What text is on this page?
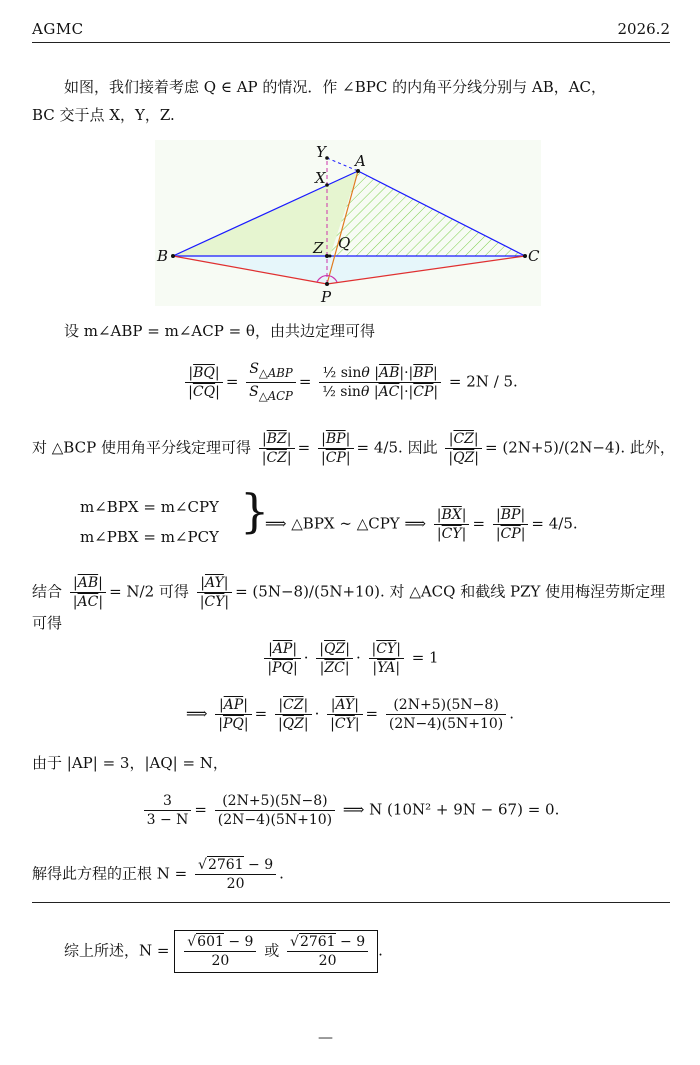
AGMC	2026.2
如图，我们接着考虑 Q ∈ AP 的情况．作 ∠BPC 的内角平分线分别与 AB，AC，
BC 交于点 X，Y，Z.
Y A
X
B	C
Z Q
P
设 m∠ABP = m∠ACP = θ，由共边定理可得
$\frac{|\overline{BQ}|}{|\overline{CQ}|} = \frac{S_{\triangle ABP}}{S_{\triangle ACP}} = \frac{\frac{1}{2} \sin\theta |\overline{AB}|\cdot|\overline{BP}|}{\frac{1}{2} \sin\theta |\overline{AC}|\cdot|\overline{CP}|} = 2N / 5$.
对 △BCP 使用角平分线定理可得 $\frac{|\overline{BZ}|}{|\overline{CZ}|} = \frac{|\overline{BP}|}{|\overline{CP}|} = 4/5$. 因此 $\frac{|\overline{CZ}|}{|\overline{QZ}|} = (2N+5)/(2N-4)$. 此外，
m∠BPX = m∠CPY
m∠PBX = m∠PCY }
⟹ △BPX ∼ △CPY ⟹ $\frac{|\overline{BX}|}{|\overline{CY}|} = \frac{|\overline{BP}|}{|\overline{CP}|} = 4/5$.
结合 $\frac{|\overline{AB}|}{|\overline{AC}|} = N/2$ 可得 $\frac{|\overline{AY}|}{|\overline{CY}|} = (5N-8)/(5N+10)$. 对 △ACQ 和截线 PZY 使用梅涅劳斯定理
可得
$\frac{|\overline{AP}|}{|\overline{PQ}|} \cdot \frac{|\overline{QZ}|}{|\overline{ZC}|} \cdot \frac{|\overline{CY}|}{|\overline{YA}|} = 1$
⟹ $\frac{|\overline{AP}|}{|\overline{PQ}|} = \frac{|\overline{CZ}|}{|\overline{QZ}|} \cdot \frac{|\overline{AY}|}{|\overline{CY}|} = \frac{(2N+5)(5N-8)}{(2N-4)(5N+10)}$ .
由于 |AP| = 3，|AQ| = N，
$\frac{3}{3 - N} = \frac{(2N+5)(5N-8)}{(2N-4)(5N+10)}$ ⟹ N (10N² + 9N − 67) = 0.
解得此方程的正根 $N = \frac{√2761 - 9}{20}$ .
综上所述，$N = \frac{√601 - 9}{20}$ 或 $\frac{√2761 - 9}{20}$ .
—
